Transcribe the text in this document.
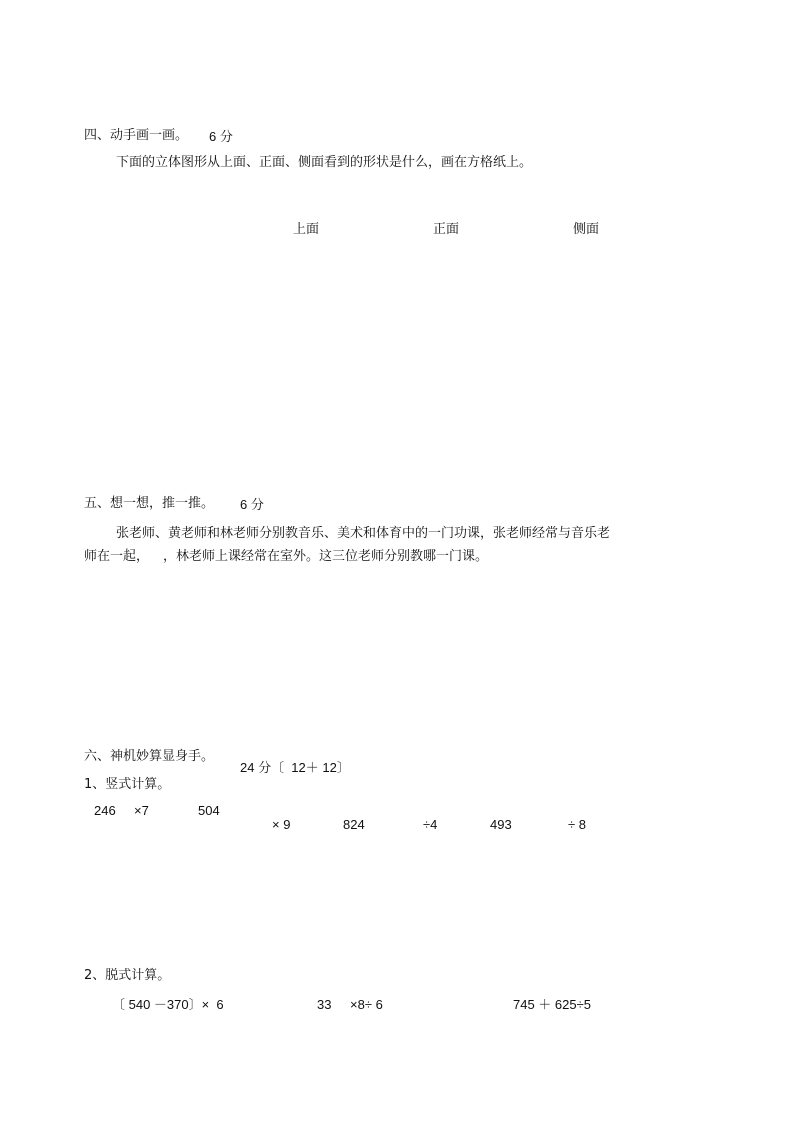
四、动手画一画。 6 分
下面的立体图形从上面、正面、侧面看到的形状是什么，画在方格纸上。
上面	正面	侧面
五、想一想，推一推。 6 分
张老师、黄老师和林老师分别教音乐、美术和体育中的一门功课，张老师经常与音乐老
师在一起， ，林老师上课经常在室外。这三位老师分别教哪一门课。
六、神机妙算显身手。
24 分〔  12＋ 12〕
1、竖式计算。
246 ×7	504
× 9	824	÷4	493	÷ 8
2、脱式计算。
〔 540 －370〕×  6	33 ×8÷ 6	745 ＋ 625÷5
